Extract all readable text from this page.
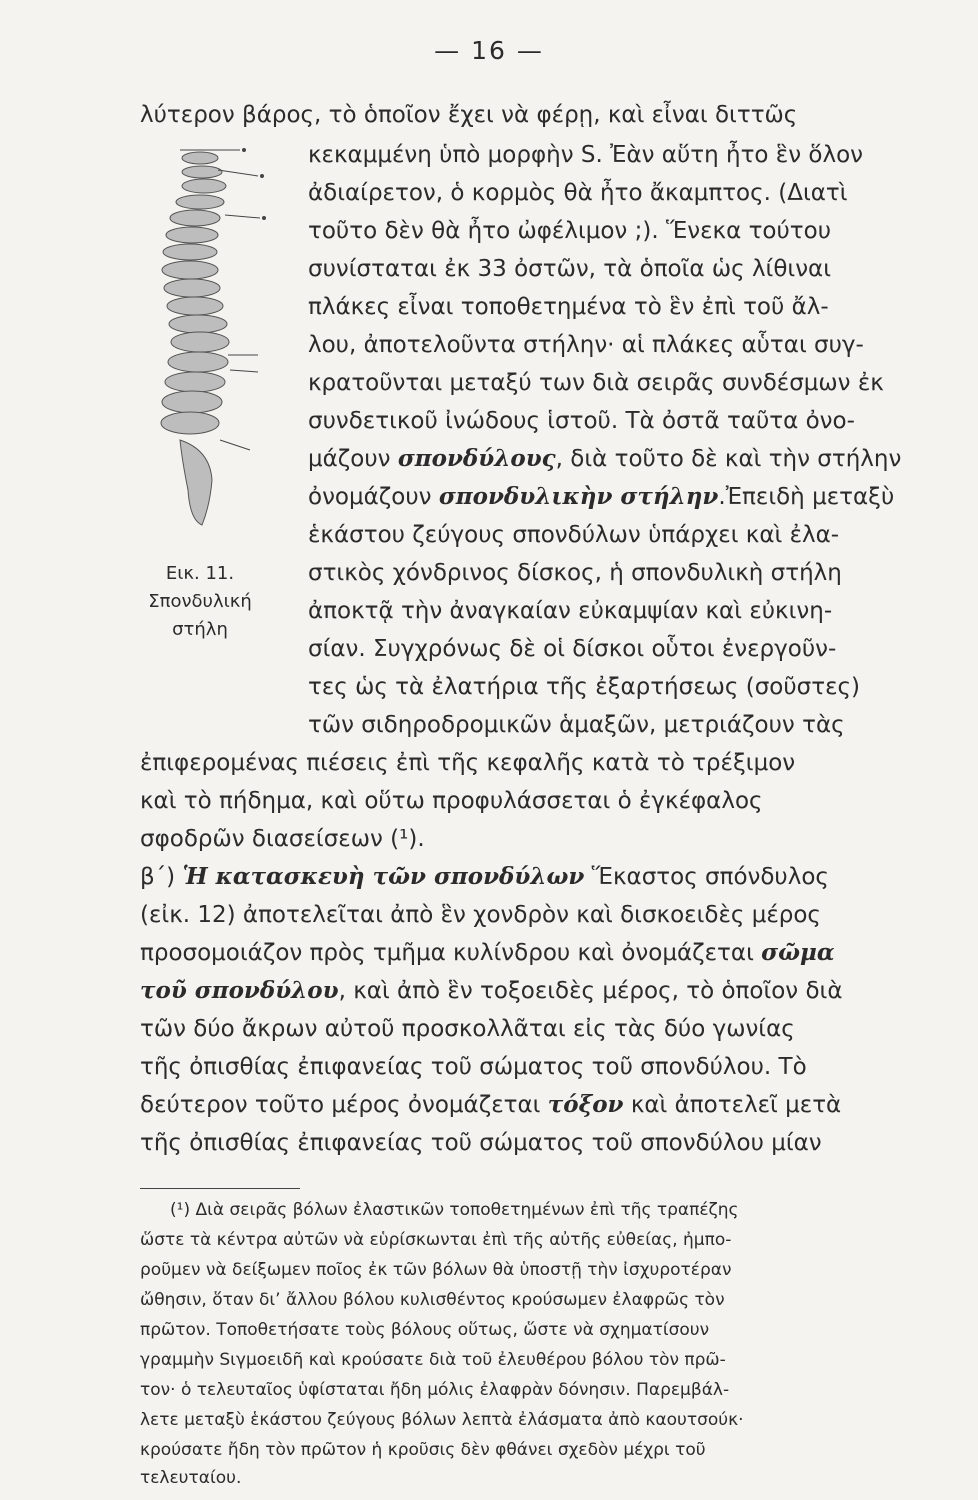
— 16 —
Εικ. 11.
Σπονδυλική
στήλη
λύτερον βάρος, τὸ ὁποῖον ἔχει νὰ φέρῃ, καὶ εἶναι διττῶς
κεκαμμένη ὑπὸ μορφὴν S. Ἐὰν αὕτη ἦτο ἓν ὅλον
ἀδιαίρετον, ὁ κορμὸς θὰ ἦτο ἄκαμπτος. (Διατὶ
τοῦτο δὲν θὰ ἦτο ὠφέλιμον ;). Ἕνεκα τούτου
συνίσταται ἐκ 33 ὀστῶν, τὰ ὁποῖα ὡς λίθιναι
πλάκες εἶναι τοποθετημένα τὸ ἓν ἐπὶ τοῦ ἄλ-
λου, ἀποτελοῦντα στήλην· αἱ πλάκες αὗται συγ-
κρατοῦνται μεταξύ των διὰ σειρᾶς συνδέσμων ἐκ
συνδετικοῦ ἰνώδους ἱστοῦ. Τὰ ὀστᾶ ταῦτα ὀνο-
μάζουν σπονδύλους, διὰ τοῦτο δὲ καὶ τὴν στήλην
ὀνομάζουν σπονδυλικὴν στήλην.Ἐπειδὴ μεταξὺ
ἑκάστου ζεύγους σπονδύλων ὑπάρχει καὶ ἐλα-
στικὸς χόνδρινος δίσκος, ἡ σπονδυλικὴ στήλη
ἀποκτᾷ τὴν ἀναγκαίαν εὐκαμψίαν καὶ εὐκινη-
σίαν. Συγχρόνως δὲ οἱ δίσκοι οὗτοι ἐνεργοῦν-
τες ὡς τὰ ἐλατήρια τῆς ἐξαρτήσεως (σοῦστες)
τῶν σιδηροδρομικῶν ἁμαξῶν, μετριάζουν τὰς
ἐπιφερομένας πιέσεις ἐπὶ τῆς κεφαλῆς κατὰ τὸ τρέξιμον
καὶ τὸ πήδημα, καὶ οὕτω προφυλάσσεται ὁ ἐγκέφαλος
σφοδρῶν διασείσεων (¹).
β΄) Ἡ κατασκευὴ τῶν σπονδύλων Ἕκαστος σπόνδυλος
(εἰκ. 12) ἀποτελεῖται ἀπὸ ἓν χονδρὸν καὶ δισκοειδὲς μέρος
προσομοιάζον πρὸς τμῆμα κυλίνδρου καὶ ὀνομάζεται σῶμα
τοῦ σπονδύλου, καὶ ἀπὸ ἓν τοξοειδὲς μέρος, τὸ ὁποῖον διὰ
τῶν δύο ἄκρων αὐτοῦ προσκολλᾶται εἰς τὰς δύο γωνίας
τῆς ὀπισθίας ἐπιφανείας τοῦ σώματος τοῦ σπονδύλου. Τὸ
δεύτερον τοῦτο μέρος ὀνομάζεται τόξον καὶ ἀποτελεῖ μετὰ
τῆς ὀπισθίας ἐπιφανείας τοῦ σώματος τοῦ σπονδύλου μίαν
(¹) Διὰ σειρᾶς βόλων ἐλαστικῶν τοποθετημένων ἐπὶ τῆς τραπέζης
ὥστε τὰ κέντρα αὐτῶν νὰ εὑρίσκωνται ἐπὶ τῆς αὐτῆς εὐθείας, ἠμπο-
ροῦμεν νὰ δείξωμεν ποῖος ἐκ τῶν βόλων θὰ ὑποστῇ τὴν ἰσχυροτέραν
ὤθησιν, ὅταν δι’ ἄλλου βόλου κυλισθέντος κρούσωμεν ἐλαφρῶς τὸν
πρῶτον. Τοποθετήσατε τοὺς βόλους οὕτως, ὥστε νὰ σχηματίσουν
γραμμὴν Sιγμοειδῆ καὶ κρούσατε διὰ τοῦ ἐλευθέρου βόλου τὸν πρῶ-
τον· ὁ τελευταῖος ὑφίσταται ἤδη μόλις ἐλαφρὰν δόνησιν. Παρεμβάλ-
λετε μεταξὺ ἑκάστου ζεύγους βόλων λεπτὰ ἐλάσματα ἀπὸ καουτσούκ·
κρούσατε ἤδη τὸν πρῶτον ἡ κροῦσις δὲν φθάνει σχεδὸν μέχρι τοῦ
τελευταίου.
